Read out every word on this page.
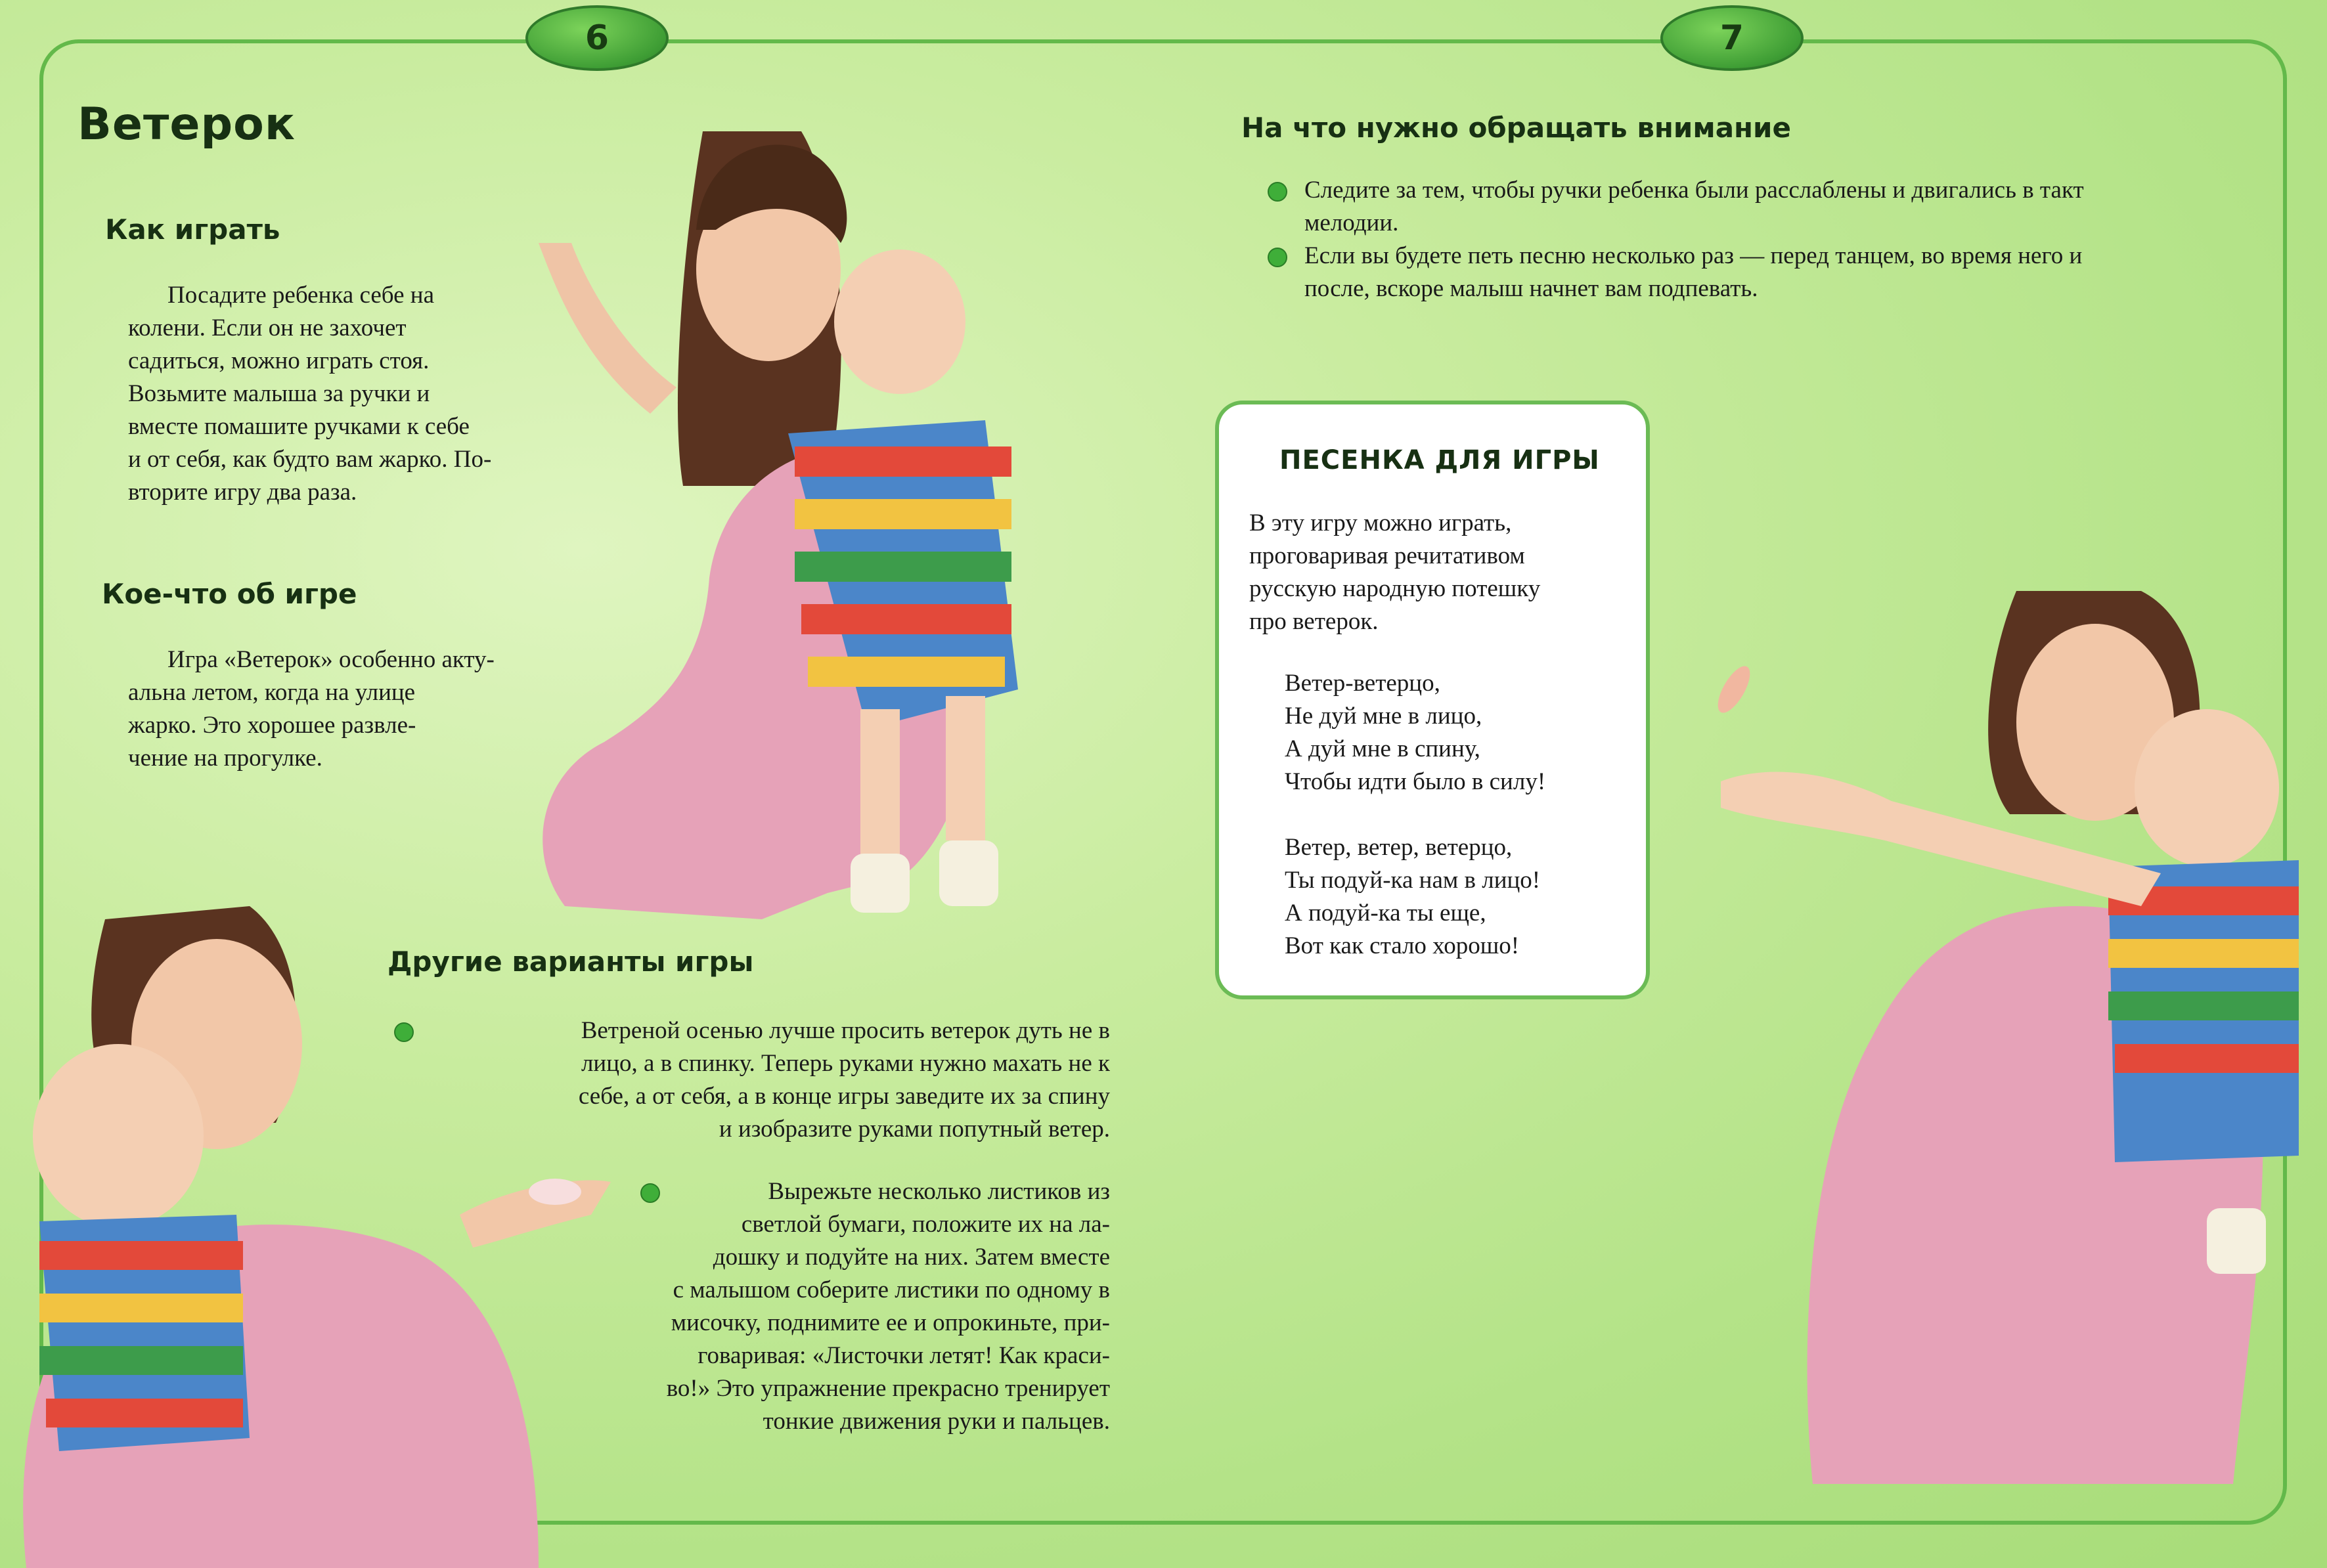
6	7
Ветерок
Как играть

Посадите ребенка себе на
колени. Если он не захочет
садиться, можно играть стоя.
Возьмите малыша за ручки и
вместе помашите ручками к себе
и от себя, как будто вам жарко. По-
вторите игру два раза.

Кое-что об игре

Игра «Ветерок» особенно акту-
альна летом, когда на улице
жарко. Это хорошее развле-
чение на прогулке.

Другие варианты игры
Ветреной осенью лучше просить ветерок дуть не в
лицо, а в спинку. Теперь руками нужно махать не к
себе, а от себя, а в конце игры заведите их за спину
и изобразите руками попутный ветер.
Вырежьте несколько листиков из
светлой бумаги, положите их на ла-
дошку и подуйте на них. Затем вместе
с малышом соберите листики по одному в
мисочку, поднимите ее и опрокиньте, при-
говаривая: «Листочки летят! Как краси-
во!» Это упражнение прекрасно тренирует
тонкие движения руки и пальцев.
На что нужно обращать внимание
Следите за тем, чтобы ручки ребенка были расслаблены и двигались в такт
мелодии.
Если вы будете петь песню несколько раз — перед танцем, во время него и
после, вскоре малыш начнет вам подпевать.
ПЕСЕНКА ДЛЯ ИГРЫ
В эту игру можно играть,
проговаривая речитативом
русскую народную потешку
про ветерок.
Ветер-ветерцо,
Не дуй мне в лицо,
А дуй мне в спину,
Чтобы идти было в силу!
Ветер, ветер, ветерцо,
Ты подуй-ка нам в лицо!
А подуй-ка ты еще,
Вот как стало хорошо!
